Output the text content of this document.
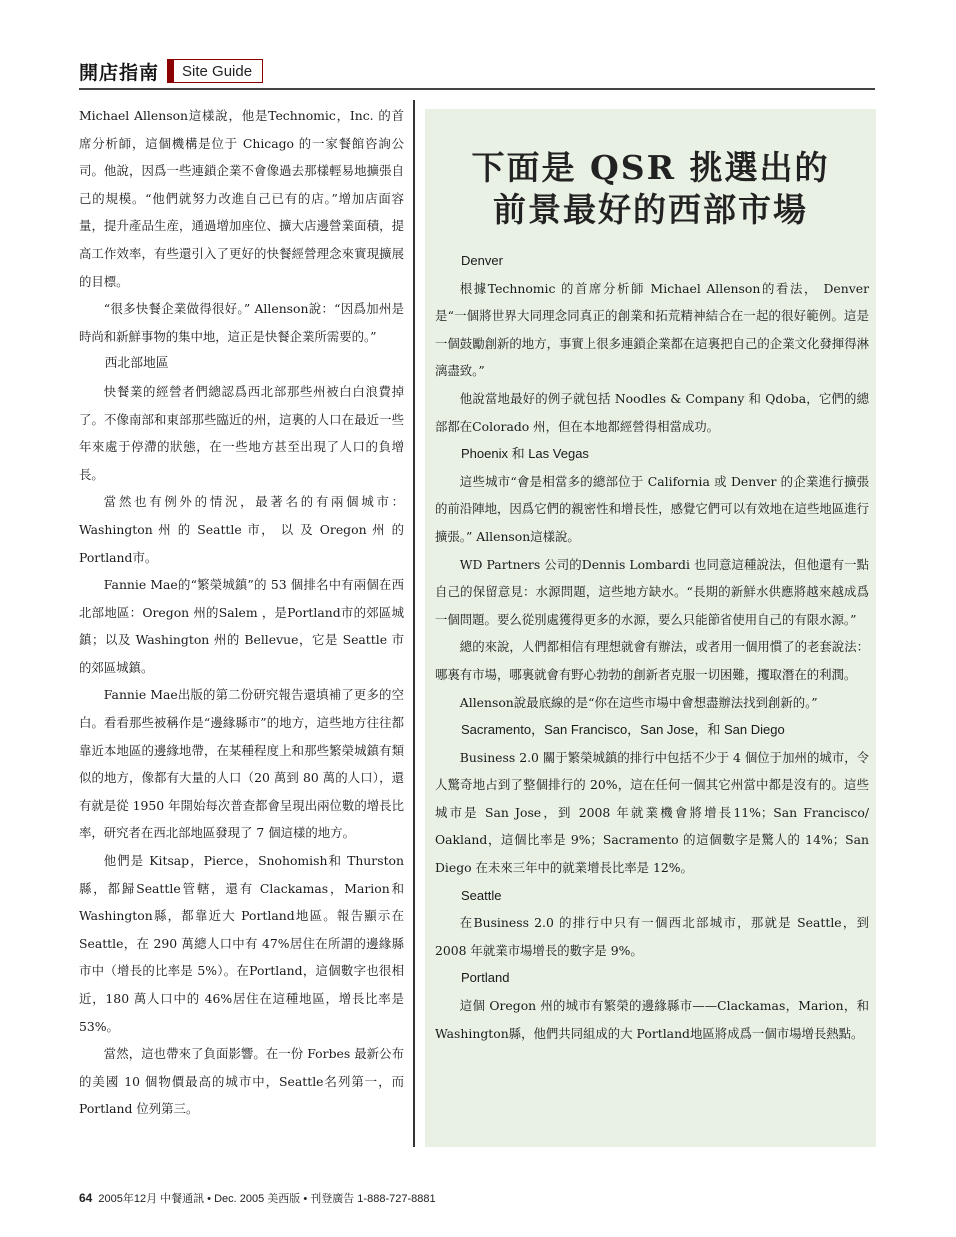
開店指南 Site Guide

Michael Allenson這樣說，他是Technomic，Inc. 的首席分析師，這個機構是位于 Chicago 的一家餐館咨詢公司。他說，因爲一些連鎖企業不會像過去那樣輕易地擴張自己的規模。“他們就努力改進自己已有的店。”增加店面容量，提升產品生産，通過增加座位、擴大店邊營業面積，提高工作效率，有些還引入了更好的快餐經營理念來實現擴展的目標。

“很多快餐企業做得很好。” Allenson說：“因爲加州是時尚和新鮮事物的集中地，這正是快餐企業所需要的。”

西北部地區

快餐業的經營者們總認爲西北部那些州被白白浪費掉了。不像南部和東部那些臨近的州，這裏的人口在最近一些年來處于停滯的狀態，在一些地方甚至出現了人口的負增長。

當然也有例外的情況，最著名的有兩個城市：Washington 州 的 Seattle 市， 以 及 Oregon 州 的 Portland市。

Fannie Mae的“繁榮城鎮”的 53 個排名中有兩個在西北部地區：Oregon 州的Salem ，是Portland市的郊區城鎮；以及 Washington 州的 Bellevue，它是 Seattle 市的郊區城鎮。

Fannie Mae出版的第二份研究報告還填補了更多的空白。看看那些被稱作是“邊緣縣市”的地方，這些地方往往都靠近本地區的邊緣地帶，在某種程度上和那些繁榮城鎮有類似的地方，像都有大量的人口（20 萬到 80 萬的人口），還有就是從 1950 年開始每次普查都會呈現出兩位數的增長比率，研究者在西北部地區發現了 7 個這樣的地方。

他們是 Kitsap，Pierce，Snohomish和 Thurston縣，都歸Seattle管轄，還有 Clackamas，Marion和 Washington縣，都靠近大 Portland地區。報告顯示在 Seattle，在 290 萬總人口中有 47%居住在所謂的邊緣縣市中（增長的比率是 5%）。在Portland，這個數字也很相近，180 萬人口中的 46%居住在這種地區，增長比率是 53%。

當然，這也帶來了負面影響。在一份 Forbes 最新公布的美國 10 個物價最高的城市中，Seattle名列第一，而Portland 位列第三。

下面是 QSR 挑選出的
前景最好的西部市場

Denver

根據Technomic 的首席分析師 Michael Allenson的看法， Denver 是“一個將世界大同理念同真正的創業和拓荒精神結合在一起的很好範例。這是一個鼓勵創新的地方，事實上很多連鎖企業都在這裏把自己的企業文化發揮得淋漓盡致。”

他說當地最好的例子就包括 Noodles & Company 和 Qdoba，它們的總部都在Colorado 州，但在本地都經營得相當成功。

Phoenix 和 Las Vegas

這些城市“會是相當多的總部位于 California 或 Denver 的企業進行擴張的前沿陣地，因爲它們的親密性和增長性，感覺它們可以有效地在這些地區進行擴張。” Allenson這樣說。

WD Partners 公司的Dennis Lombardi 也同意這種說法，但他還有一點自己的保留意見：水源問題，這些地方缺水。“長期的新鮮水供應將越來越成爲一個問題。要么從別處獲得更多的水源，要么只能節省使用自己的有限水源。”

總的來說，人們都相信有理想就會有辦法，或者用一個用慣了的老套說法：哪裏有市場，哪裏就會有野心勃勃的創新者克服一切困難，攫取潛在的利潤。

Allenson說最底線的是“你在這些市場中會想盡辦法找到創新的。”

Sacramento，San Francisco，San Jose，和 San Diego

Business 2.0 關于繁榮城鎮的排行中包括不少于 4 個位于加州的城市，令人驚奇地占到了整個排行的 20%，這在任何一個其它州當中都是沒有的。這些城市是 San Jose，到 2008 年就業機會將增長11%；San Francisco/ Oakland，這個比率是 9%；Sacramento 的這個數字是驚人的 14%；San Diego 在未來三年中的就業增長比率是 12%。

Seattle

在Business 2.0 的排行中只有一個西北部城市，那就是 Seattle，到 2008 年就業市場增長的數字是 9%。

Portland

這個 Oregon 州的城市有繁榮的邊緣縣市——Clackamas，Marion，和 Washington縣，他們共同組成的大 Portland地區將成爲一個市場增長熱點。

64 2005年12月 中餐通訊 • Dec. 2005 美西版 • 刊登廣告 1-888-727-8881
